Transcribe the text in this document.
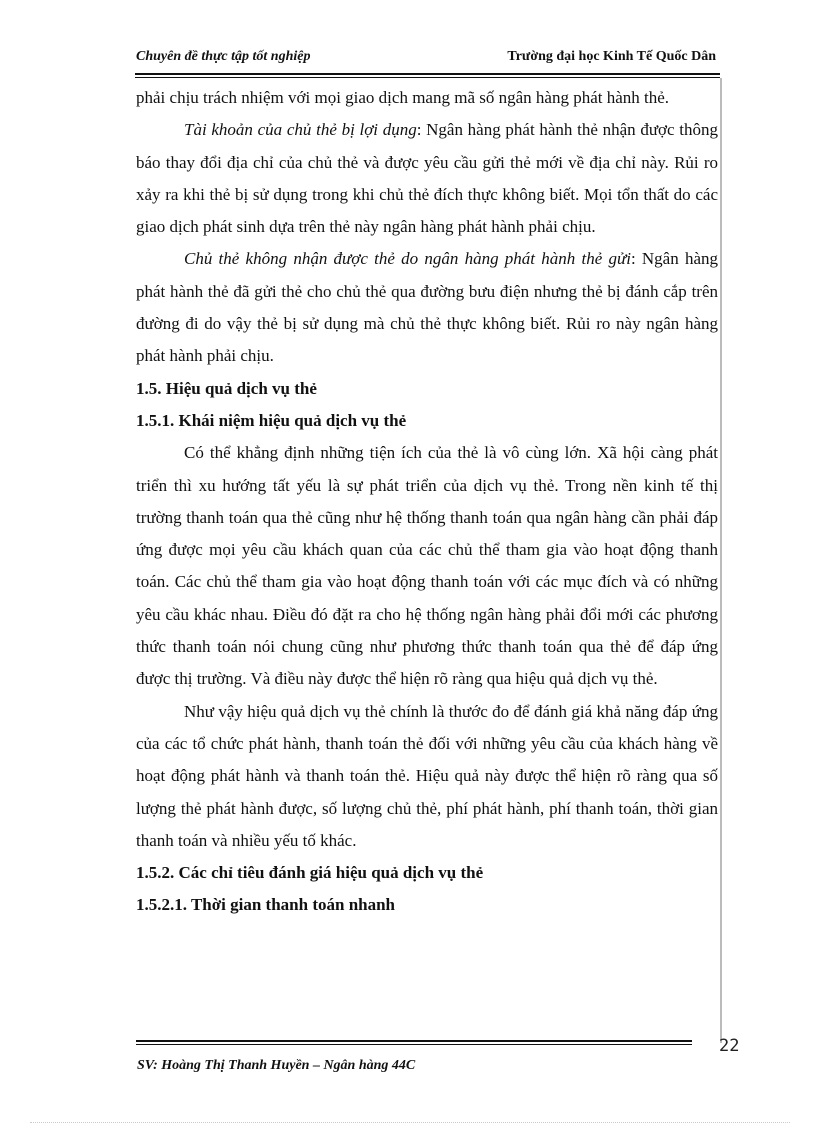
Chuyên đề thực tập tốt nghiệp	Trường đại học Kinh Tế Quốc Dân

phải chịu trách nhiệm với mọi giao dịch mang mã số ngân hàng phát hành thẻ.

Tài khoản của chủ thẻ bị lợi dụng: Ngân hàng phát hành thẻ nhận được thông báo thay đổi địa chỉ của chủ thẻ và được yêu cầu gửi thẻ mới về địa chỉ này. Rủi ro xảy ra khi thẻ bị sử dụng trong khi chủ thẻ đích thực không biết. Mọi tổn thất do các giao dịch phát sinh dựa trên thẻ này ngân hàng phát hành phải chịu.

Chủ thẻ không nhận được thẻ do ngân hàng phát hành thẻ gửi: Ngân hàng phát hành thẻ đã gửi thẻ cho chủ thẻ qua đường bưu điện nhưng thẻ bị đánh cắp trên đường đi do vậy thẻ bị sử dụng mà chủ thẻ thực không biết. Rủi ro này ngân hàng phát hành phải chịu.

1.5. Hiệu quả dịch vụ thẻ

1.5.1. Khái niệm hiệu quả dịch vụ thẻ

Có thể khẳng định những tiện ích của thẻ là vô cùng lớn. Xã hội càng phát triển thì xu hướng tất yếu là sự phát triển của dịch vụ thẻ. Trong nền kinh tế thị trường thanh toán qua thẻ cũng như hệ thống thanh toán qua ngân hàng cần phải đáp ứng được mọi yêu cầu khách quan của các chủ thể tham gia vào hoạt động thanh toán. Các chủ thể tham gia vào hoạt động thanh toán với các mục đích và có những yêu cầu khác nhau. Điều đó đặt ra cho hệ thống ngân hàng phải đổi mới các phương thức thanh toán nói chung cũng như phương thức thanh toán qua thẻ để đáp ứng được thị trường. Và điều này được thể hiện rõ ràng qua hiệu quả dịch vụ thẻ.

Như vậy hiệu quả dịch vụ thẻ chính là thước đo để đánh giá khả năng đáp ứng của các tổ chức phát hành, thanh toán thẻ đối với những yêu cầu của khách hàng về hoạt động phát hành và thanh toán thẻ. Hiệu quả này được thể hiện rõ ràng qua số lượng thẻ phát hành được, số lượng chủ thẻ, phí phát hành, phí thanh toán, thời gian thanh toán và nhiều yếu tố khác.

1.5.2. Các chỉ tiêu đánh giá hiệu quả dịch vụ thẻ

1.5.2.1. Thời gian thanh toán nhanh

22
SV: Hoàng Thị Thanh Huyền – Ngân hàng 44C
